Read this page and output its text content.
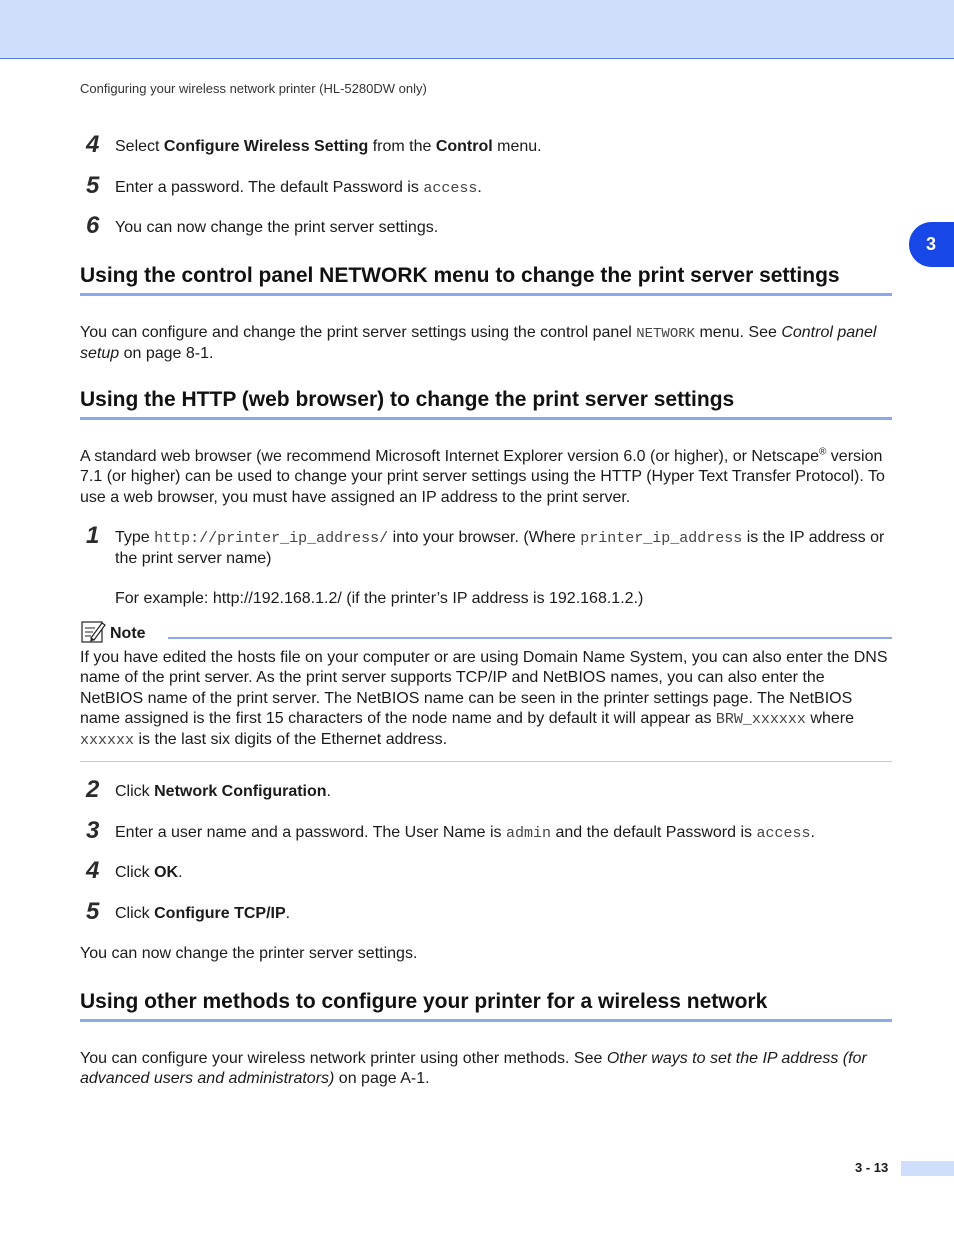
Configuring your wireless network printer (HL-5280DW only)
3
4 Select Configure Wireless Setting from the Control menu.
5 Enter a password. The default Password is access.
6 You can now change the print server settings.
Using the control panel NETWORK menu to change the print server settings

You can configure and change the print server settings using the control panel NETWORK menu. See Control panel setup on page 8-1.

Using the HTTP (web browser) to change the print server settings

A standard web browser (we recommend Microsoft Internet Explorer version 6.0 (or higher), or Netscape® version 7.1 (or higher) can be used to change your print server settings using the HTTP (Hyper Text Transfer Protocol). To use a web browser, you must have assigned an IP address to the print server.

1 Type http://printer_ip_address/ into your browser. (Where printer_ip_address is the IP address or the print server name)
For example: http://192.168.1.2/ (if the printer’s IP address is 192.168.1.2.)
Note

If you have edited the hosts file on your computer or are using Domain Name System, you can also enter the DNS name of the print server. As the print server supports TCP/IP and NetBIOS names, you can also enter the NetBIOS name of the print server. The NetBIOS name can be seen in the printer settings page. The NetBIOS name assigned is the first 15 characters of the node name and by default it will appear as BRW_xxxxxx where xxxxxx is the last six digits of the Ethernet address.

2 Click Network Configuration.
3 Enter a user name and a password. The User Name is admin and the default Password is access.
4 Click OK.
5 Click Configure TCP/IP.

You can now change the printer server settings.

Using other methods to configure your printer for a wireless network

You can configure your wireless network printer using other methods. See Other ways to set the IP address (for advanced users and administrators) on page A-1.

3 - 13
